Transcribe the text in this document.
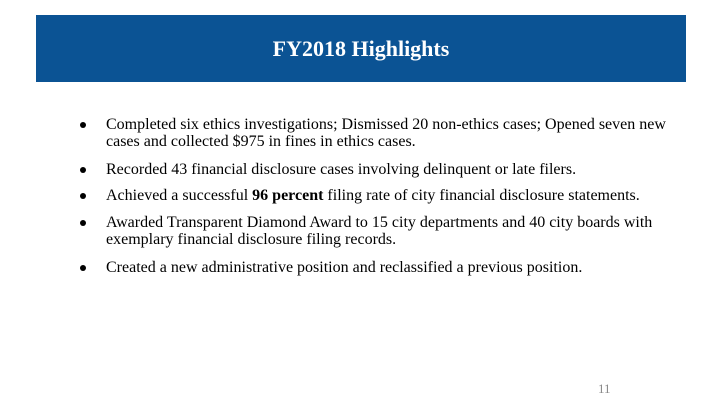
FY2018 Highlights
Completed six ethics investigations; Dismissed 20 non-ethics cases; Opened seven new cases and collected $975 in fines in ethics cases.
Recorded 43 financial disclosure cases involving delinquent or late filers.
Achieved a successful 96 percent filing rate of city financial disclosure statements.
Awarded Transparent Diamond Award to 15 city departments and 40 city boards with exemplary financial disclosure filing records.
Created a new administrative position and reclassified a previous position.
11
